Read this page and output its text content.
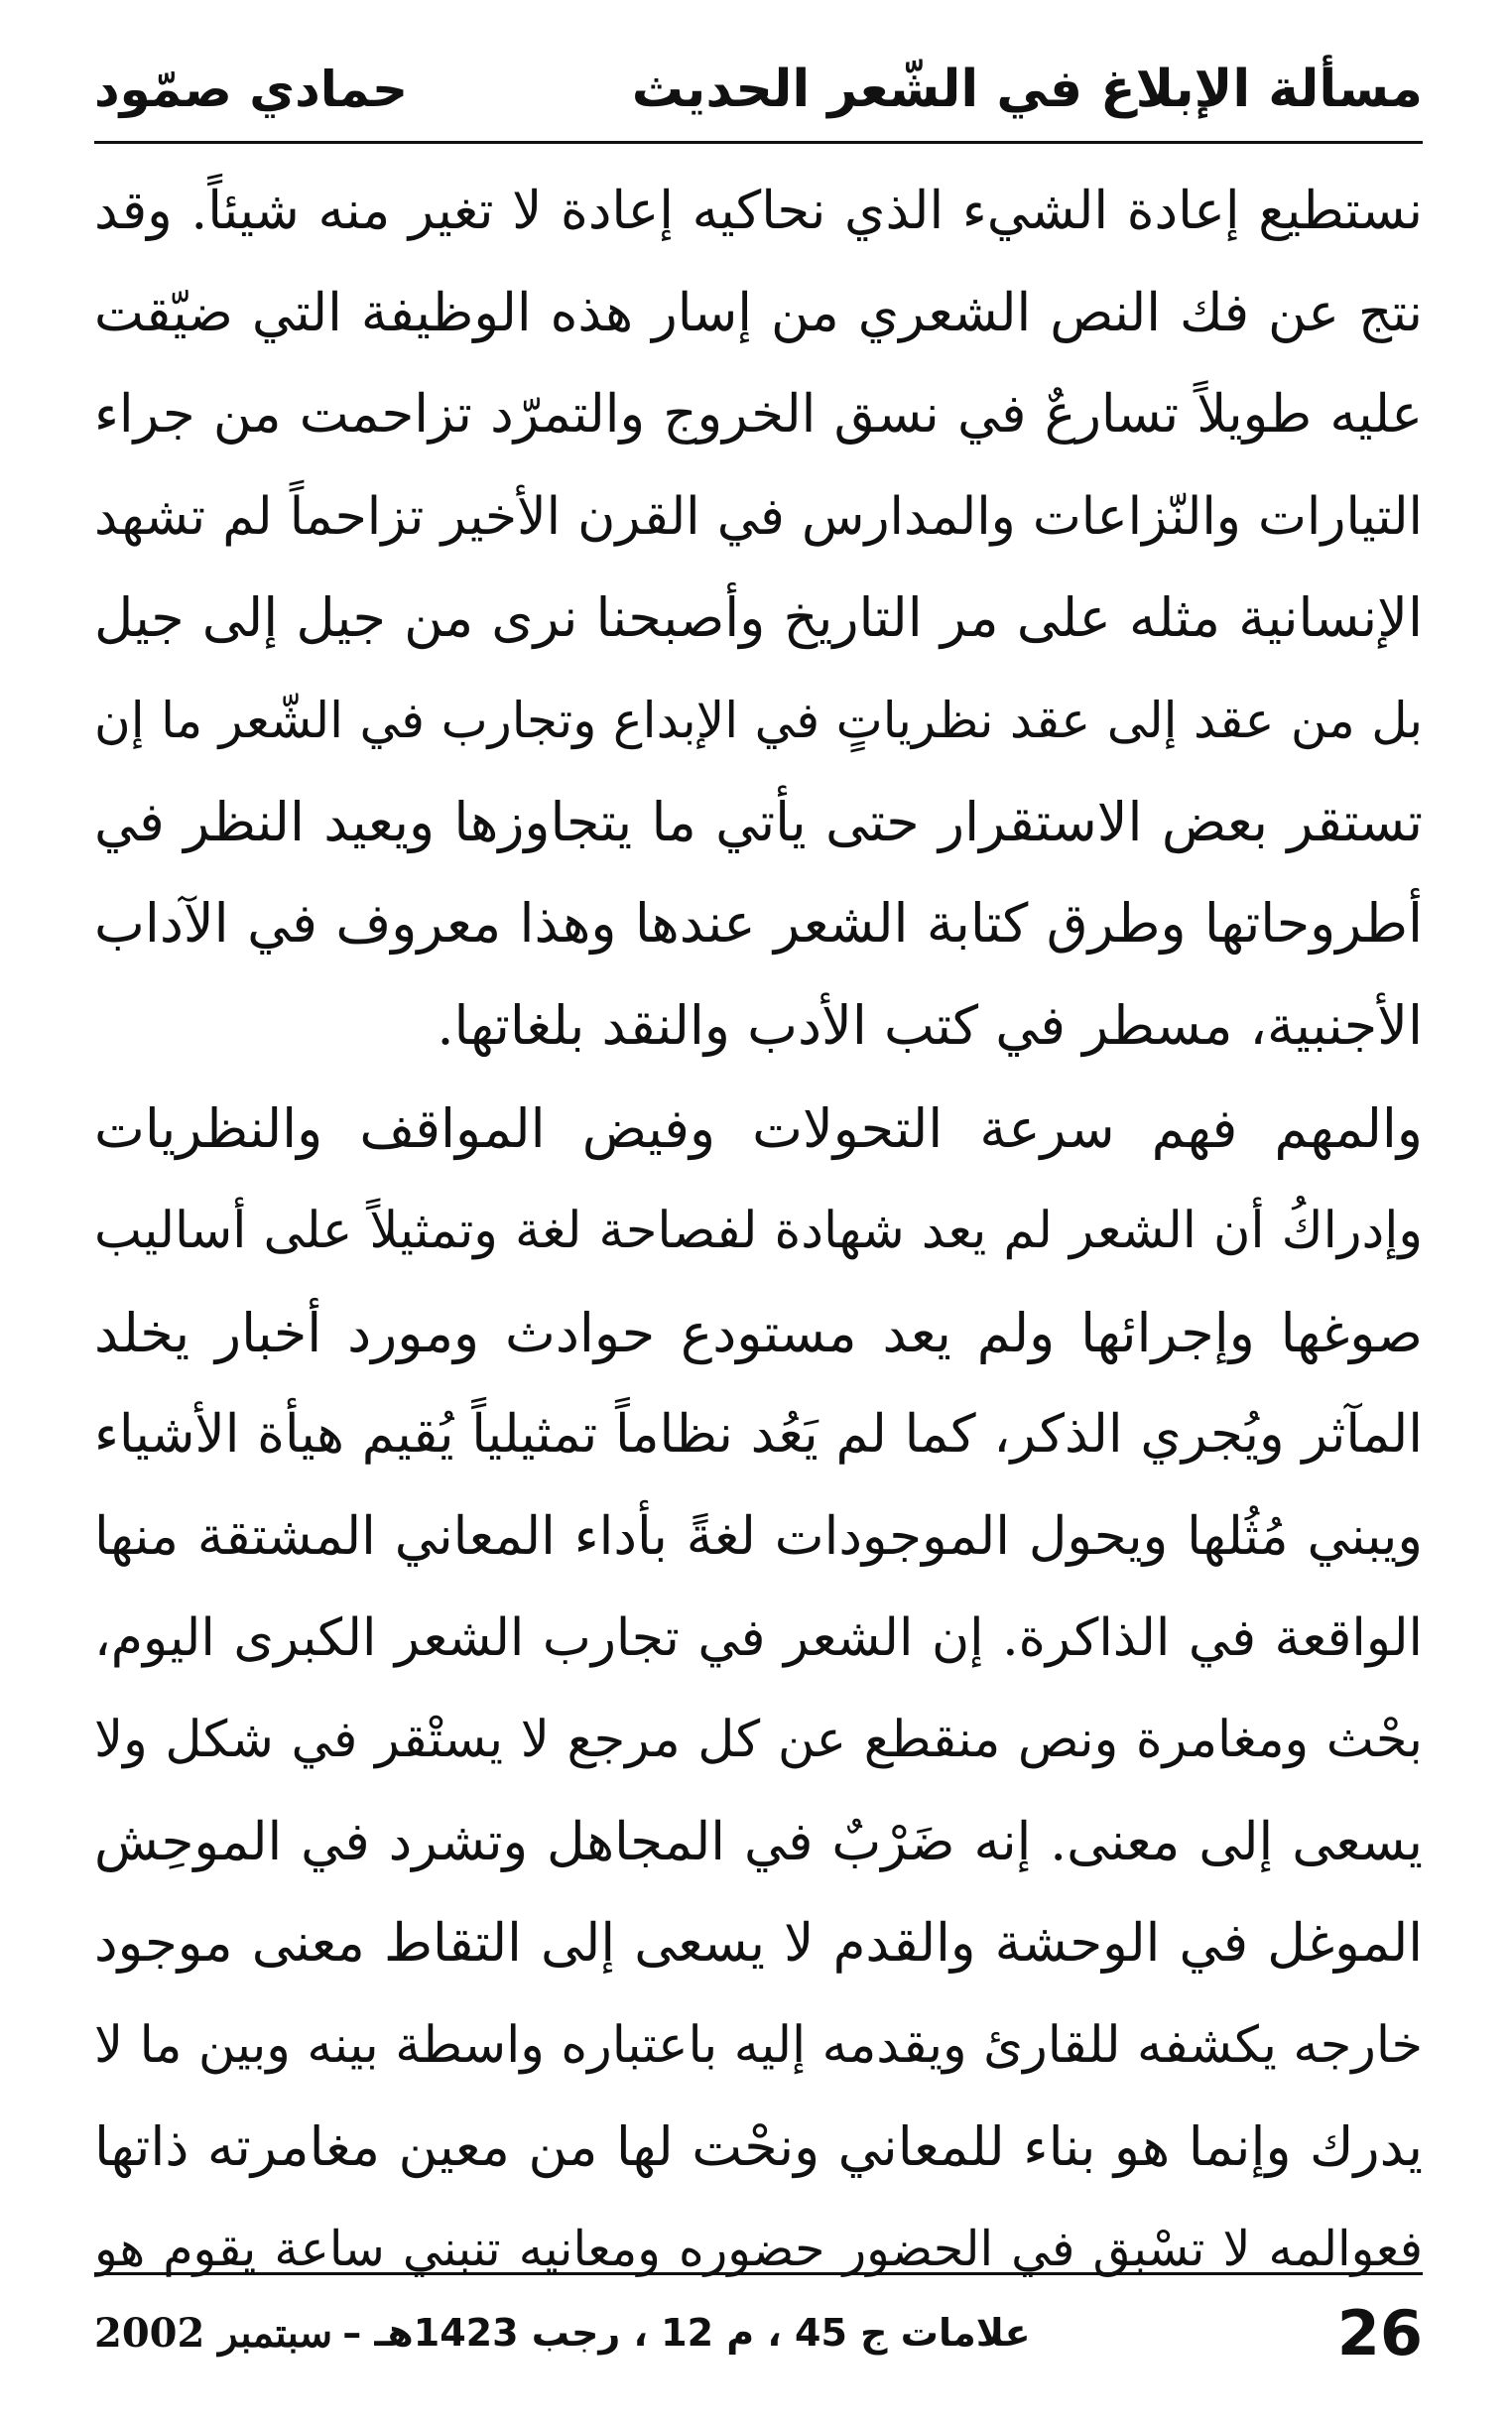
مسألة الإبلاغ في الشّعر الحديث
حمادي صمّود
نستطيع إعادة الشيء الذي نحاكيه إعادة لا تغير منه شيئاً. وقد
نتج عن فك النص الشعري من إسار هذه الوظيفة التي ضيّقت
عليه طويلاً تسارعٌ في نسق الخروج والتمرّد تزاحمت من جراء
التيارات والنّزاعات والمدارس في القرن الأخير تزاحماً لم تشهد
الإنسانية مثله على مر التاريخ وأصبحنا نرى من جيل إلى جيل
بل من عقد إلى عقد نظرياتٍ في الإبداع وتجارب في الشّعر ما إن
تستقر بعض الاستقرار حتى يأتي ما يتجاوزها ويعيد النظر في
أطروحاتها وطرق كتابة الشعر عندها وهذا معروف في الآداب
الأجنبية، مسطر في كتب الأدب والنقد بلغاتها.
والمهم فهم سرعة التحولات وفيض المواقف والنظريات
وإدراكُ أن الشعر لم يعد شهادة لفصاحة لغة وتمثيلاً على أساليب
صوغها وإجرائها ولم يعد مستودع حوادث ومورد أخبار يخلد
المآثر ويُجري الذكر، كما لم يَعُد نظاماً تمثيلياً يُقيم هيأة الأشياء
ويبني مُثُلها ويحول الموجودات لغةً بأداء المعاني المشتقة منها
الواقعة في الذاكرة. إن الشعر في تجارب الشعر الكبرى اليوم،
بحْث ومغامرة ونص منقطع عن كل مرجع لا يستْقر في شكل ولا
يسعى إلى معنى. إنه ضَرْبٌ في المجاهل وتشرد في الموحِش
الموغل في الوحشة والقدم لا يسعى إلى التقاط معنى موجود
خارجه يكشفه للقارئ ويقدمه إليه باعتباره واسطة بينه وبين ما لا
يدرك وإنما هو بناء للمعاني ونحْت لها من معين مغامرته ذاتها
فعوالمه لا تسْبق في الحضور حضوره ومعانيه تنبني ساعة يقوم هو
سبتمبر 2002 علامات ج 45 ، م 12 ، رجب 1423هـ –	26
